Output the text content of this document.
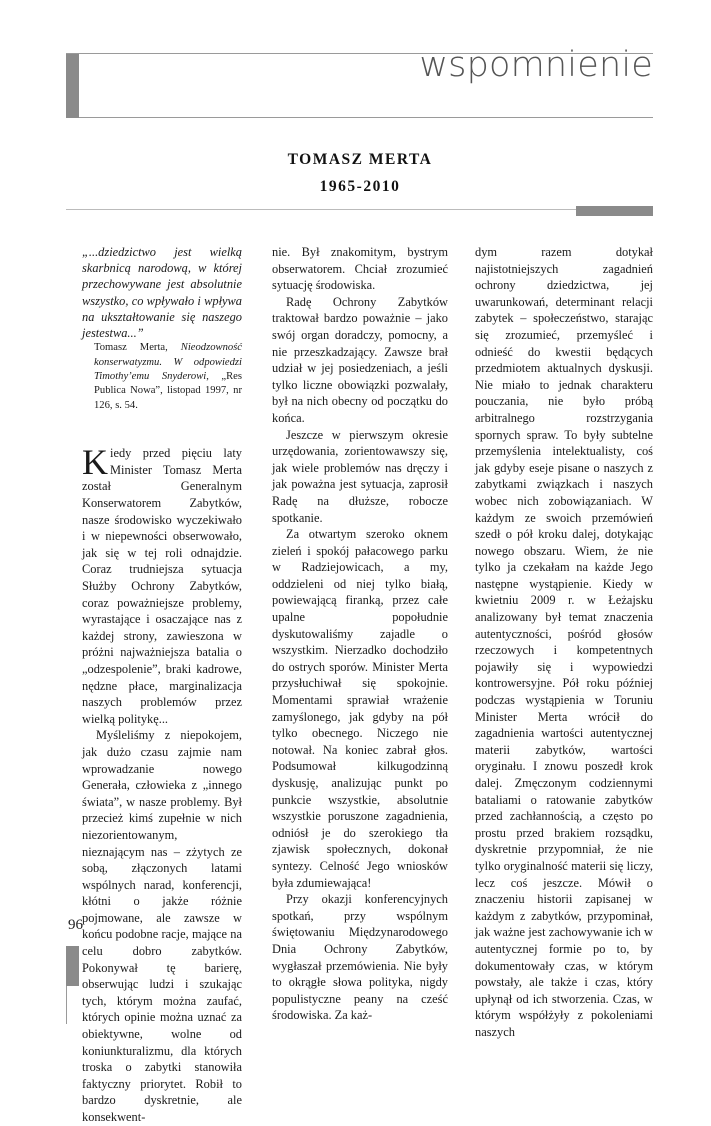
wspomnienie
TOMASZ MERTA
1965-2010

„...dziedzictwo jest wielką skarbnicą narodową, w której przechowywane jest absolutnie wszystko, co wpływało i wpływa na ukształtowanie się naszego jestestwa...”

Tomasz Merta, Nieodzowność konserwatyzmu. W odpowiedzi Timothy’emu Snyderowi, „Res Publica Nowa”, listopad 1997, nr 126, s. 54.

Kiedy przed pięciu laty Minister Tomasz Merta został Generalnym Konserwatorem Zabytków, nasze środowisko wyczekiwało i w niepewności obserwowało, jak się w tej roli odnajdzie. Coraz trudniejsza sytuacja Służby Ochrony Zabytków, coraz poważniejsze problemy, wyrastające i osaczające nas z każdej strony, zawieszona w próżni najważniejsza batalia o „odzespolenie”, braki kadrowe, nędzne płace, marginalizacja naszych problemów przez wielką politykę...

Myśleliśmy z niepokojem, jak dużo czasu zajmie nam wprowadzanie nowego Generała, człowieka z „innego świata”, w nasze problemy. Był przecież kimś zupełnie w nich niezorientowanym, nieznającym nas – zżytych ze sobą, złączonych latami wspólnych narad, konferencji, kłótni o jakże różnie pojmowane, ale zawsze w końcu podobne racje, mające na celu dobro zabytków. Pokonywał tę barierę, obserwując ludzi i szukając tych, którym można zaufać, których opinie można uznać za obiektywne, wolne od koniunkturalizmu, dla których troska o zabytki stanowiła faktyczny priorytet. Robił to bardzo dyskretnie, ale konsekwent-

nie. Był znakomitym, bystrym obserwatorem. Chciał zrozumieć sytuację środowiska.

Radę Ochrony Zabytków traktował bardzo poważnie – jako swój organ doradczy, pomocny, a nie przeszkadzający. Zawsze brał udział w jej posiedzeniach, a jeśli tylko liczne obowiązki pozwalały, był na nich obecny od początku do końca.

Jeszcze w pierwszym okresie urzędowania, zorientowawszy się, jak wiele problemów nas dręczy i jak poważna jest sytuacja, zaprosił Radę na dłuższe, robocze spotkanie.

Za otwartym szeroko oknem zieleń i spokój pałacowego parku w Radziejowicach, a my, oddzieleni od niej tylko białą, powiewającą firanką, przez całe upalne popołudnie dyskutowaliśmy zajadle o wszystkim. Nierzadko dochodziło do ostrych sporów. Minister Merta przysłuchiwał się spokojnie. Momentami sprawiał wrażenie zamyślonego, jak gdyby na pół tylko obecnego. Niczego nie notował. Na koniec zabrał głos. Podsumował kilkugodzinną dyskusję, analizując punkt po punkcie wszystkie, absolutnie wszystkie poruszone zagadnienia, odniósł je do szerokiego tła zjawisk społecznych, dokonał syntezy. Celność Jego wniosków była zdumiewająca!

Przy okazji konferencyjnych spotkań, przy wspólnym świętowaniu Międzynarodowego Dnia Ochrony Zabytków, wygłaszał przemówienia. Nie były to okrągłe słowa polityka, nigdy populistyczne peany na cześć środowiska. Za każ-

dym razem dotykał najistotniejszych zagadnień ochrony dziedzictwa, jej uwarunkowań, determinant relacji zabytek – społeczeństwo, starając się zrozumieć, przemyśleć i odnieść do kwestii będących przedmiotem aktualnych dyskusji. Nie miało to jednak charakteru pouczania, nie było próbą arbitralnego rozstrzygania spornych spraw. To były subtelne przemyślenia intelektualisty, coś jak gdyby eseje pisane o naszych z zabytkami związkach i naszych wobec nich zobowiązaniach. W każdym ze swoich przemówień szedł o pół kroku dalej, dotykając nowego obszaru. Wiem, że nie tylko ja czekałam na każde Jego następne wystąpienie. Kiedy w kwietniu 2009 r. w Łeżajsku analizowany był temat znaczenia autentyczności, pośród głosów rzeczowych i kompetentnych pojawiły się i wypowiedzi kontrowersyjne. Pół roku później podczas wystąpienia w Toruniu Minister Merta wrócił do zagadnienia wartości autentycznej materii zabytków, wartości oryginału. I znowu poszedł krok dalej. Zmęczonym codziennymi bataliami o ratowanie zabytków przed zachłannością, a często po prostu przed brakiem rozsądku, dyskretnie przypomniał, że nie tylko oryginalność materii się liczy, lecz coś jeszcze. Mówił o znaczeniu historii zapisanej w każdym z zabytków, przypominał, jak ważne jest zachowywanie ich w autentycznej formie po to, by dokumentowały czas, w którym powstały, ale także i czas, który upłynął od ich stworzenia. Czas, w którym współżyły z pokoleniami naszych

96
